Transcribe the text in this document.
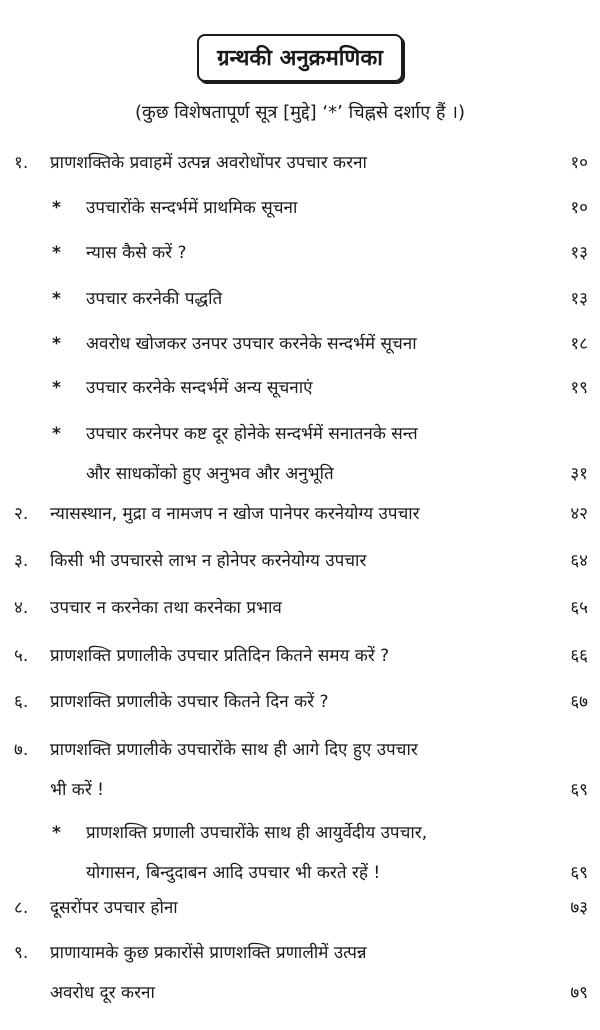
ग्रन्थकी अनुक्रमणिका
(कुछ विशेषतापूर्ण सूत्र [मुद्दे] ‘*’ चिह्नसे दर्शाए हैं ।)
१.	प्राणशक्तिके प्रवाहमें उत्पन्न अवरोधोंपर उपचार करना	१०
*	उपचारोंके सन्दर्भमें प्राथमिक सूचना	१०
*	न्यास कैसे करें ?	१३
*	उपचार करनेकी पद्धति	१३
*	अवरोध खोजकर उनपर उपचार करनेके सन्दर्भमें सूचना	१८
*	उपचार करनेके सन्दर्भमें अन्य सूचनाएं	१९
*	उपचार करनेपर कष्ट दूर होनेके सन्दर्भमें सनातनके सन्त
और साधकोंको हुए अनुभव और अनुभूति	३१
२.	न्यासस्थान, मुद्रा व नामजप न खोज पानेपर करनेयोग्य उपचार	४२
३.	किसी भी उपचारसे लाभ न होनेपर करनेयोग्य उपचार	६४
४.	उपचार न करनेका तथा करनेका प्रभाव	६५
५.	प्राणशक्ति प्रणालीके उपचार प्रतिदिन कितने समय करें ?	६६
६.	प्राणशक्ति प्रणालीके उपचार कितने दिन करें ?	६७
७.	प्राणशक्ति प्रणालीके उपचारोंके साथ ही आगे दिए हुए उपचार
भी करें !	६९
*	प्राणशक्ति प्रणाली उपचारोंके साथ ही आयुर्वेदीय उपचार,
योगासन, बिन्दुदाबन आदि उपचार भी करते रहें !	६९
८.	दूसरोंपर उपचार होना	७३
९.	प्राणायामके कुछ प्रकारोंसे प्राणशक्ति प्रणालीमें उत्पन्न
अवरोध दूर करना	७९
